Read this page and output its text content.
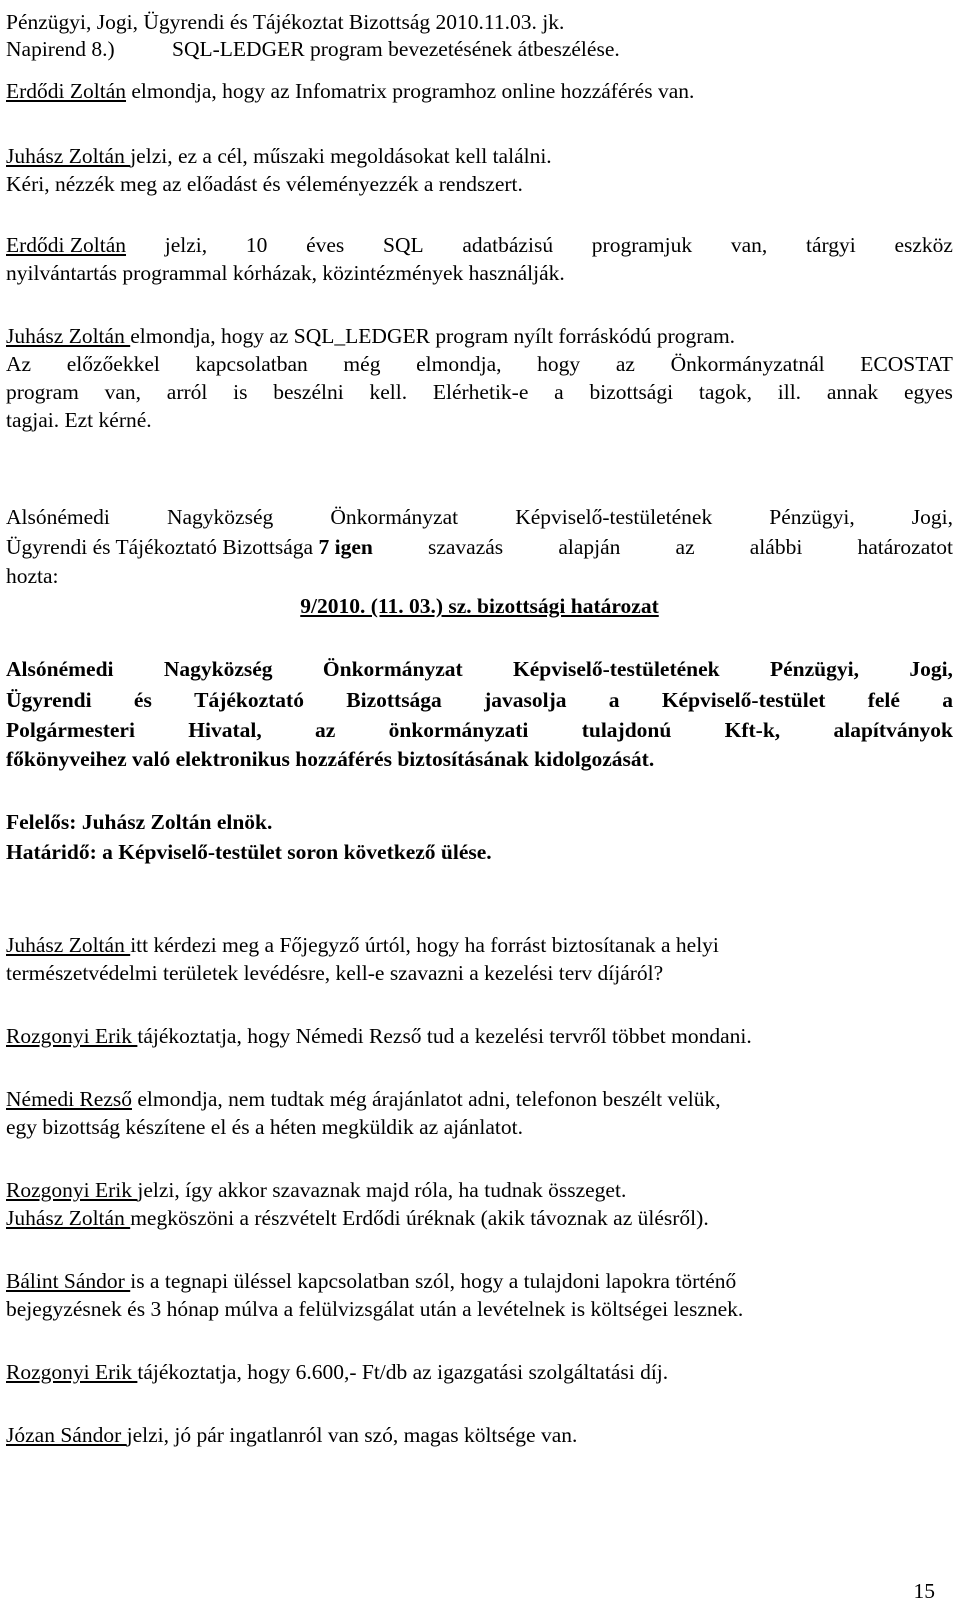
Pénzügyi, Jogi, Ügyrendi és Tájékoztat Bizottság 2010.11.03. jk.
Napirend 8.)	SQL-LEDGER program bevezetésének átbeszélése.
Erdődi Zoltán elmondja, hogy az Infomatrix programhoz online hozzáférés van.
Juhász Zoltán jelzi, ez a cél, műszaki megoldásokat kell találni.
Kéri, nézzék meg az előadást és véleményezzék a rendszert.
Erdődi Zoltán jelzi, 10 éves SQL adatbázisú programjuk van, tárgyi eszköz
nyilvántartás programmal kórházak, közintézmények használják.
Juhász Zoltán elmondja, hogy az SQL_LEDGER program nyílt forráskódú program.
Az előzőekkel kapcsolatban még elmondja, hogy az Önkormányzatnál ECOSTAT
program van, arról is beszélni kell. Elérhetik-e a bizottsági tagok, ill. annak egyes
tagjai. Ezt kérné.
Alsónémedi	Nagyközség	Önkormányzat	Képviselő-testületének	Pénzügyi,	Jogi,
Ügyrendi és Tájékoztató Bizottsága 7 igen	szavazás	alapján	az	alábbi	határozatot
hozta:
9/2010. (11. 03.) sz. bizottsági határozat
Alsónémedi Nagyközség Önkormányzat Képviselő-testületének Pénzügyi, Jogi,
Ügyrendi és Tájékoztató Bizottsága javasolja a Képviselő-testület felé a
Polgármesteri Hivatal, az önkormányzati tulajdonú Kft-k, alapítványok
főkönyveihez való elektronikus hozzáférés biztosításának kidolgozását.
Felelős: Juhász Zoltán elnök.
Határidő: a Képviselő-testület soron következő ülése.
Juhász Zoltán itt kérdezi meg a Főjegyző úrtól, hogy ha forrást biztosítanak a helyi
természetvédelmi területek levédésre, kell-e szavazni a kezelési terv díjáról?
Rozgonyi Erik tájékoztatja, hogy Némedi Rezső tud a kezelési tervről többet mondani.
Némedi Rezső elmondja, nem tudtak még árajánlatot adni, telefonon beszélt velük,
egy bizottság készítene el és a héten megküldik az ajánlatot.
Rozgonyi Erik jelzi, így akkor szavaznak majd róla, ha tudnak összeget.
Juhász Zoltán megköszöni a részvételt Erdődi úréknak (akik távoznak az ülésről).
Bálint Sándor is a tegnapi üléssel kapcsolatban szól, hogy a tulajdoni lapokra történő
bejegyzésnek és 3 hónap múlva a felülvizsgálat után a levételnek is költségei lesznek.
Rozgonyi Erik tájékoztatja, hogy 6.600,- Ft/db az igazgatási szolgáltatási díj.
Józan Sándor jelzi, jó pár ingatlanról van szó, magas költsége van.
15
